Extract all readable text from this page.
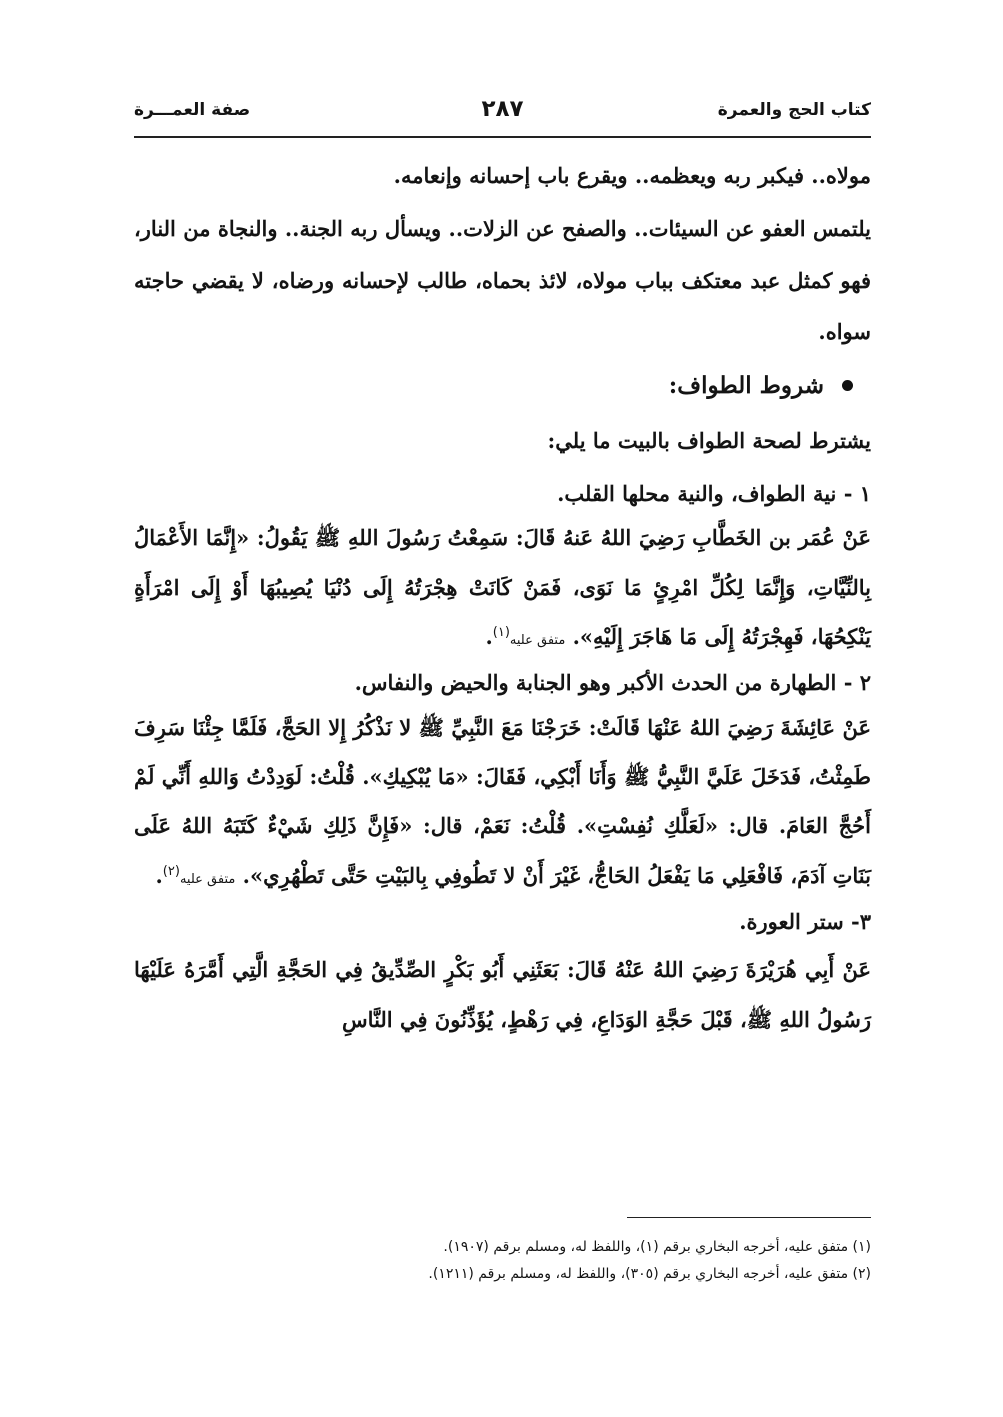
كتاب الحج والعمرة
٢٨٧
صفة العمـــرة

مولاه.. فيكبر ربه ويعظمه.. ويقرع باب إحسانه وإنعامه.

يلتمس العفو عن السيئات.. والصفح عن الزلات.. ويسأل ربه الجنة.. والنجاة من النار، فهو كمثل عبد معتكف بباب مولاه، لائذ بحماه، طالب لإحسانه ورضاه، لا يقضي حاجته سواه.

شروط الطواف:

يشترط لصحة الطواف بالبيت ما يلي:

١ - نية الطواف، والنية محلها القلب.

عَنْ عُمَر بن الخَطَّابِ رَضِيَ اللهُ عَنهُ قَالَ: سَمِعْتُ رَسُولَ اللهِ ﷺ يَقُولُ: «إِنَّمَا الأَعْمَالُ بِالنِّيَّاتِ، وَإِنَّمَا لِكُلِّ امْرِئٍ مَا نَوَى، فَمَنْ كَانَتْ هِجْرَتُهُ إِلَى دُنْيَا يُصِيبُهَا أَوْ إِلَى امْرَأَةٍ يَنْكِحُهَا، فَهِجْرَتُهُ إِلَى مَا هَاجَرَ إِلَيْهِ». متفق عليه$^{(١)}$.

٢ - الطهارة من الحدث الأكبر وهو الجنابة والحيض والنفاس.

عَنْ عَائِشَةَ رَضِيَ اللهُ عَنْهَا قَالَتْ: خَرَجْنَا مَعَ النَّبِيِّ ﷺ لا نَذْكُرُ إِلا الحَجَّ، فَلَمَّا جِئْنَا سَرِفَ طَمِثْتُ، فَدَخَلَ عَلَيَّ النَّبِيُّ ﷺ وَأَنَا أَبْكِي، فَقَالَ: «مَا يُبْكِيكِ». قُلْتُ: لَوَدِدْتُ وَاللهِ أَنِّي لَمْ أَحُجَّ العَامَ. قال: «لَعَلَّكِ نُفِسْتِ». قُلْتُ: نَعَمْ، قال: «فَإِنَّ ذَلِكِ شَيْءٌ كَتَبَهُ اللهُ عَلَى بَنَاتِ آدَمَ، فَافْعَلِي مَا يَفْعَلُ الحَاجُّ، غَيْرَ أَنْ لا تَطُوفِي بِالبَيْتِ حَتَّى تَطْهُرِي». متفق عليه$^{(٢)}$.

٣- ستر العورة.

عَنْ أَبِي هُرَيْرَةَ رَضِيَ اللهُ عَنْهُ قَالَ: بَعَثَنِي أَبُو بَكْرٍ الصِّدِّيقُ فِي الحَجَّةِ الَّتِي أَمَّرَهُ عَلَيْهَا رَسُولُ اللهِ ﷺ، قَبْلَ حَجَّةِ الوَدَاعِ، فِي رَهْطٍ، يُؤَذِّنُونَ فِي النَّاسِ

(١) متفق عليه، أخرجه البخاري برقم (١)، واللفظ له، ومسلم برقم (١٩٠٧).

(٢) متفق عليه، أخرجه البخاري برقم (٣٠٥)، واللفظ له، ومسلم برقم (١٢١١).
